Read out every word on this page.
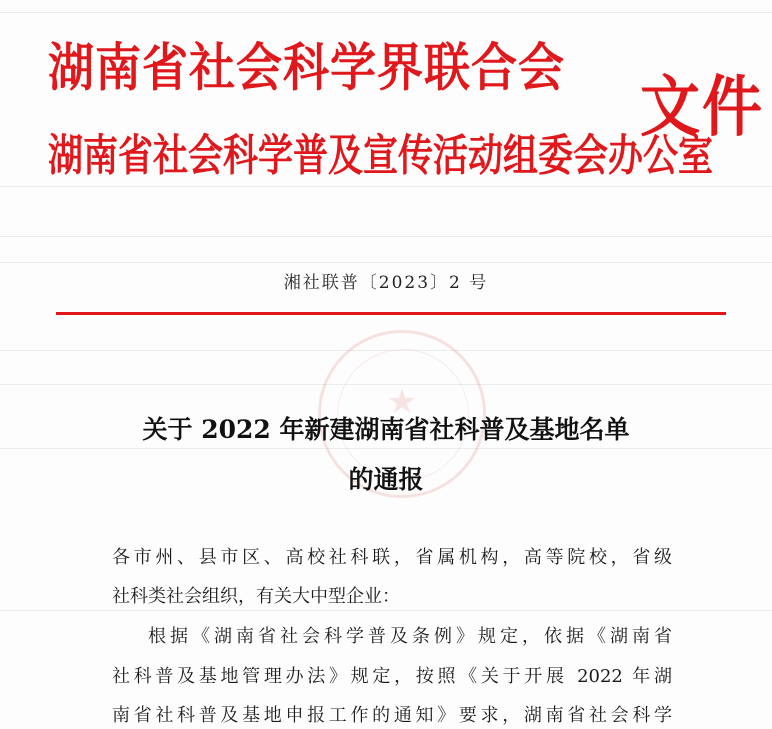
★
湖南省社会科学界联合会
湖南省社会科学普及宣传活动组委会办公室
文件
湘社联普〔2023〕2 号
关于 2022 年新建湖南省社科普及基地名单
的通报
各市州、县市区、高校社科联，省属机构，高等院校，省级
社科类社会组织，有关大中型企业：
根据《湖南省社会科学普及条例》规定，依据《湖南省
社科普及基地管理办法》规定，按照《关于开展 2022 年湖
南省社科普及基地申报工作的通知》要求，湖南省社会科学
